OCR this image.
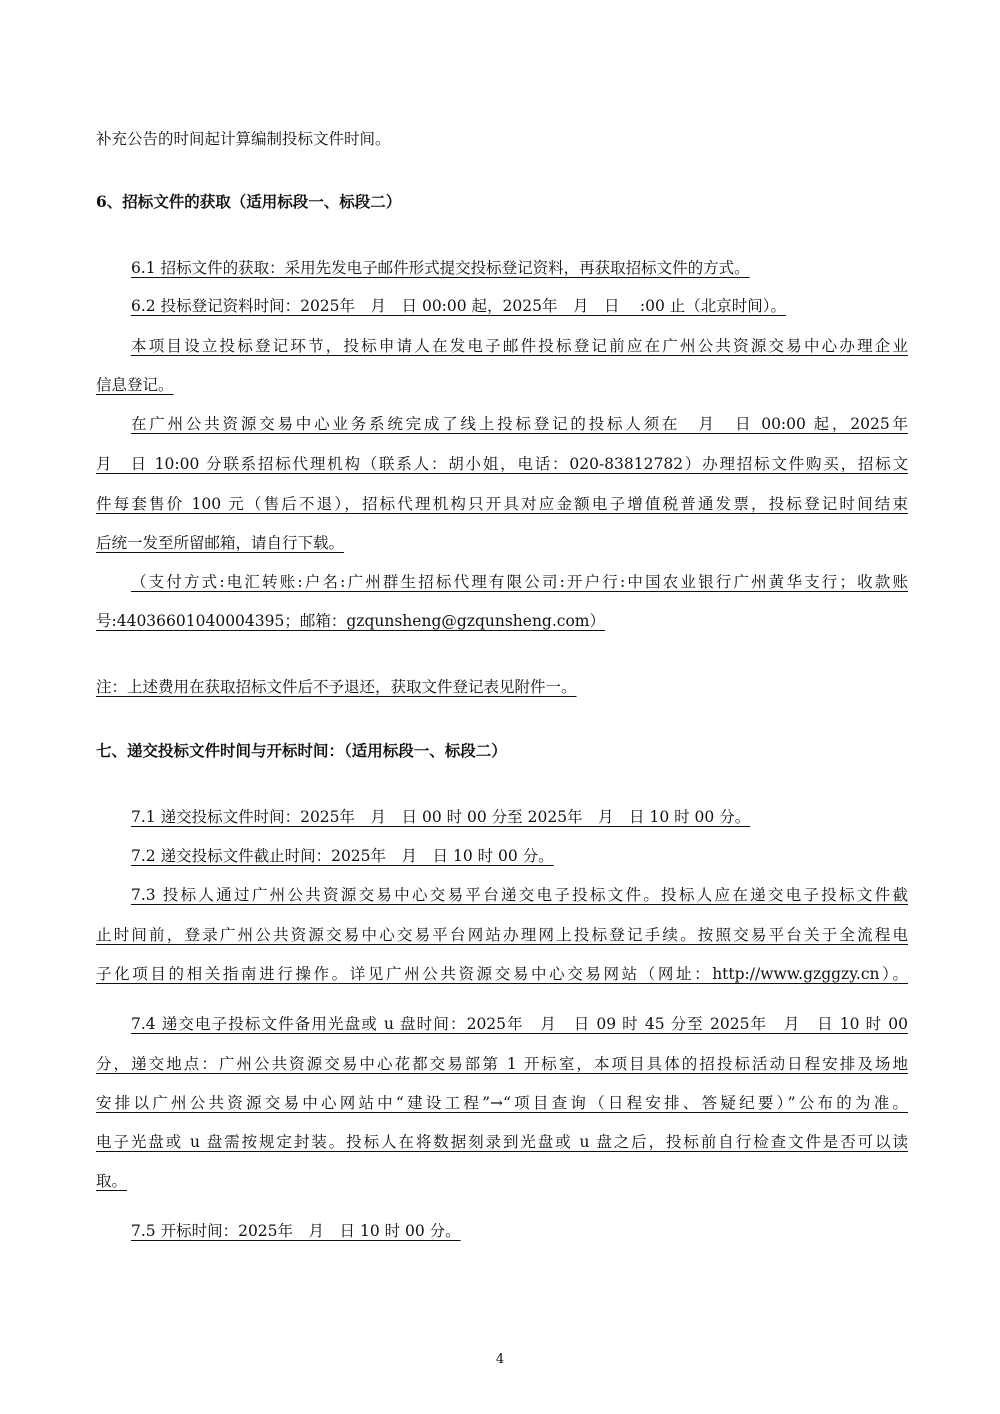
补充公告的时间起计算编制投标文件时间。
6、招标文件的获取（适用标段一、标段二）
6.1 招标文件的获取：采用先发电子邮件形式提交投标登记资料，再获取招标文件的方式。
6.2 投标登记资料时间：2025年　月　日 00:00 起，2025年　月　日　 :00 止（北京时间）。
本项目设立投标登记环节，投标申请人在发电子邮件投标登记前应在广州公共资源交易中心办理企业
信息登记。
在广州公共资源交易中心业务系统完成了线上投标登记的投标人须在　月　日 00:00 起，2025年
月　日 10:00 分联系招标代理机构（联系人：胡小姐，电话：020-83812782）办理招标文件购买，招标文
件每套售价 100 元（售后不退），招标代理机构只开具对应金额电子增值税普通发票，投标登记时间结束
后统一发至所留邮箱，请自行下载。
（支付方式:电汇转账:户名:广州群生招标代理有限公司:开户行:中国农业银行广州黄华支行；收款账
号:44036601040004395；邮箱：gzqunsheng@gzqunsheng.com）
注：上述费用在获取招标文件后不予退还，获取文件登记表见附件一。
七、递交投标文件时间与开标时间：（适用标段一、标段二）
7.1 递交投标文件时间：2025年　月　日 00 时 00 分至 2025年　月　日 10 时 00 分。
7.2 递交投标文件截止时间：2025年　月　日 10 时 00 分。
7.3 投标人通过广州公共资源交易中心交易平台递交电子投标文件。投标人应在递交电子投标文件截
止时间前，登录广州公共资源交易中心交易平台网站办理网上投标登记手续。按照交易平台关于全流程电
子化项目的相关指南进行操作。详见广州公共资源交易中心交易网站（网址：http://www.gzggzy.cn）。
7.4 递交电子投标文件备用光盘或 u 盘时间：2025年　月　日 09 时 45 分至 2025年　月　日 10 时 00
分，递交地点：广州公共资源交易中心花都交易部第 1 开标室，本项目具体的招投标活动日程安排及场地
安排以广州公共资源交易中心网站中“建设工程”→“项目查询（日程安排、答疑纪要）”公布的为准。
电子光盘或 u 盘需按规定封装。投标人在将数据刻录到光盘或 u 盘之后，投标前自行检查文件是否可以读
取。
7.5 开标时间：2025年　月　日 10 时 00 分。
4
